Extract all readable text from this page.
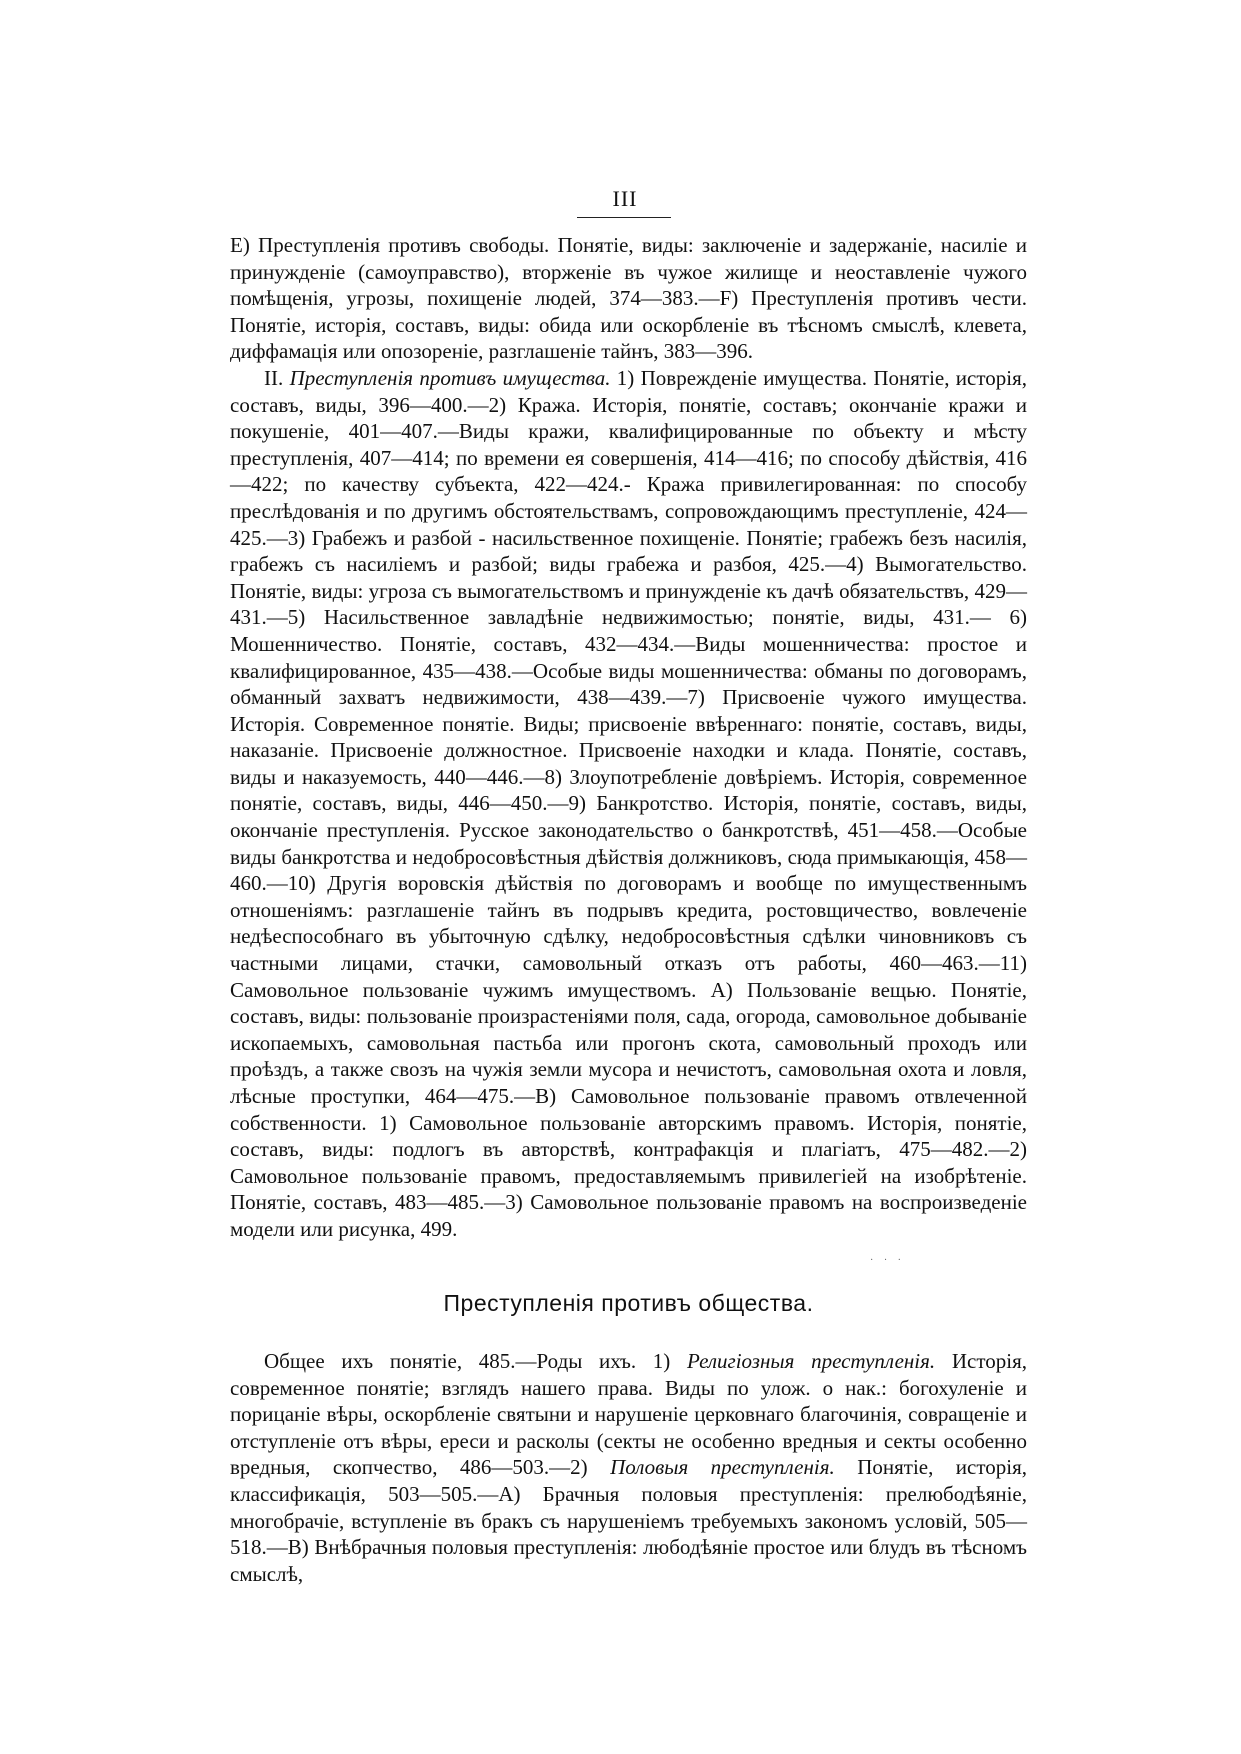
III

E) Преступленія противъ свободы. Понятіе, виды: заключеніе и задержаніе, насиліе и принужденіе (самоуправство), вторженіе въ чужое жилище и неоставленіе чужого помѣщенія, угрозы, похищеніе людей, 374—383.—F) Преступленія противъ чести. Понятіе, исторія, составъ, виды: обида или оскорбленіе въ тѣсномъ смыслѣ, клевета, диффамація или опозореніе, разглашеніе тайнъ, 383—396.

II. Преступленія противъ имущества. 1) Поврежденіе имущества. Понятіе, исторія, составъ, виды, 396—400.—2) Кража. Исторія, понятіе, составъ; окончаніе кражи и покушеніе, 401—407.—Виды кражи, квалифицированные по объекту и мѣсту преступленія, 407—414; по времени ея совершенія, 414—416; по способу дѣйствія, 416—422; по качеству субъекта, 422—424.- Кража привилегированная: по способу преслѣдованія и по другимъ обстоятельствамъ, сопровождающимъ преступленіе, 424—425.—3) Грабежъ и разбой - насильственное похищеніе. Понятіе; грабежъ безъ насилія, грабежъ съ насиліемъ и разбой; виды грабежа и разбоя, 425.—4) Вымогательство. Понятіе, виды: угроза съ вымогательствомъ и принужденіе къ дачѣ обязательствъ, 429—431.—5) Насильственное завладѣніе недвижимостью; понятіе, виды, 431.— 6) Мошенничество. Понятіе, составъ, 432—434.—Виды мошенничества: простое и квалифицированное, 435—438.—Особые виды мошенничества: обманы по договорамъ, обманный захватъ недвижимости, 438—439.—7) Присвоеніе чужого имущества. Исторія. Современное понятіе. Виды; присвоеніе ввѣреннаго: понятіе, составъ, виды, наказаніе. Присвоеніе должностное. Присвоеніе находки и клада. Понятіе, составъ, виды и наказуемость, 440—446.—8) Злоупотребленіе довѣріемъ. Исторія, современное понятіе, составъ, виды, 446—450.—9) Банкротство. Исторія, понятіе, составъ, виды, окончаніе преступленія. Русское законодательство о банкротствѣ, 451—458.—Особые виды банкротства и недобросовѣстныя дѣйствія должниковъ, сюда примыкающія, 458—460.—10) Другія воровскія дѣйствія по договорамъ и вообще по имущественнымъ отношеніямъ: разглашеніе тайнъ въ подрывъ кредита, ростовщичество, вовлеченіе недѣеспособнаго въ убыточную сдѣлку, недобросовѣстныя сдѣлки чиновниковъ съ частными лицами, стачки, самовольный отказъ отъ работы, 460—463.—11) Самовольное пользованіе чужимъ имуществомъ. А) Пользованіе вещью. Понятіе, составъ, виды: пользованіе произрастеніями поля, сада, огорода, самовольное добываніе ископаемыхъ, самовольная пастьба или прогонъ скота, самовольный проходъ или проѣздъ, а также свозъ на чужія земли мусора и нечистотъ, самовольная охота и ловля, лѣсные проступки, 464—475.—В) Самовольное пользованіе правомъ отвлеченной собственности. 1) Самовольное пользованіе авторскимъ правомъ. Исторія, понятіе, составъ, виды: подлогъ въ авторствѣ, контрафакція и плагіатъ, 475—482.—2) Самовольное пользованіе правомъ, предоставляемымъ привилегіей на изобрѣтеніе. Понятіе, составъ, 483—485.—3) Самовольное пользованіе правомъ на воспроизведеніе модели или рисунка, 499.

· · ·
Преступленія противъ общества.

Общее ихъ понятіе, 485.—Роды ихъ. 1) Религіозныя преступленія. Исторія, современное понятіе; взглядъ нашего права. Виды по улож. о нак.: богохуленіе и порицаніе вѣры, оскорбленіе святыни и нарушеніе церковнаго благочинія, совращеніе и отступленіе отъ вѣры, ереси и расколы (секты не особенно вредныя и секты особенно вредныя, скопчество, 486—503.—2) Половыя преступленія. Понятіе, исторія, классификація, 503—505.—А) Брачныя половыя преступленія: прелюбодѣяніе, многобрачіе, вступленіе въ бракъ съ нарушеніемъ требуемыхъ закономъ условій, 505—518.—В) Внѣбрачныя половыя преступленія: любодѣяніе простое или блудъ въ тѣсномъ смыслѣ,
